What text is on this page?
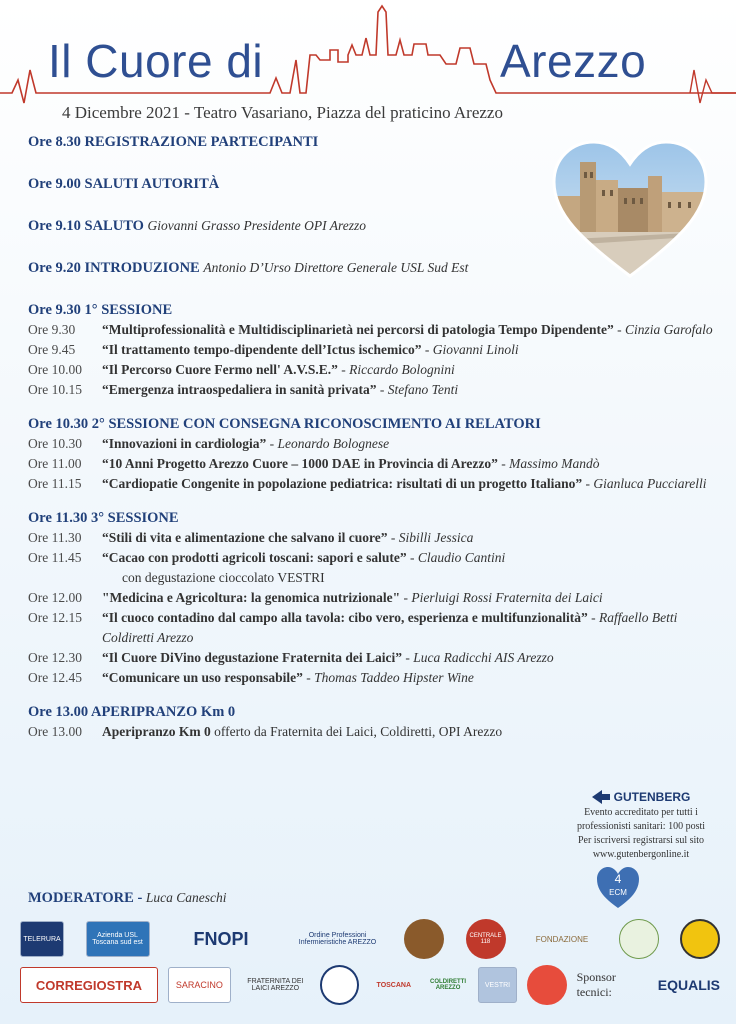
Il Cuore di	Arezzo
4 Dicembre 2021 - Teatro Vasariano, Piazza del praticino Arezzo
Ore 8.30 REGISTRAZIONE PARTECIPANTI
Ore 9.00 SALUTI AUTORITÀ
Ore 9.10 SALUTO Giovanni Grasso Presidente OPI Arezzo
Ore 9.20 INTRODUZIONE Antonio D’Urso Direttore Generale USL Sud Est
Ore 9.30 1° SESSIONE
Ore 9.30	“Multiprofessionalità e Multidisciplinarietà nei percorsi di patologia Tempo Dipendente” - Cinzia Garofalo
Ore 9.45	“Il trattamento tempo-dipendente dell’Ictus ischemico” - Giovanni Linoli
Ore 10.00	“Il Percorso Cuore Fermo nell' A.V.S.E.” - Riccardo Bolognini
Ore 10.15	“Emergenza intraospedaliera in sanità privata” - Stefano Tenti
Ore 10.30 2° SESSIONE CON CONSEGNA RICONOSCIMENTO AI RELATORI
Ore 10.30	“Innovazioni in cardiologia” - Leonardo Bolognese
Ore 11.00	“10 Anni Progetto Arezzo Cuore – 1000 DAE in Provincia di Arezzo” - Massimo Mandò
Ore 11.15	“Cardiopatie Congenite in popolazione pediatrica: risultati di un progetto Italiano” - Gianluca Pucciarelli
Ore 11.30 3° SESSIONE
Ore 11.30	“Stili di vita e alimentazione che salvano il cuore” - Sibilli Jessica
Ore 11.45	“Cacao con prodotti agricoli toscani: sapori e salute” - Claudio Cantini
con degustazione cioccolato VESTRI
Ore 12.00	"Medicina e Agricoltura: la genomica nutrizionale" - Pierluigi Rossi Fraternita dei Laici
Ore 12.15	“Il cuoco contadino dal campo alla tavola: cibo vero, esperienza e multifunzionalità” - Raffaello Betti Coldiretti Arezzo
Ore 12.30	“Il Cuore DiVino degustazione Fraternita dei Laici” - Luca Radicchi AIS Arezzo
Ore 12.45	“Comunicare un uso responsabile” - Thomas Taddeo Hipster Wine
Ore 13.00 APERIPRANZO Km 0
Ore 13.00	Aperipranzo Km 0 offerto da Fraternita dei Laici, Coldiretti, OPI Arezzo
GUTENBERG
Evento accreditato per tutti i
professionisti sanitari: 100 posti
Per iscriversi registrarsi sul sito
www.gutenbergonline.it
4
ECM
MODERATORE - Luca Caneschi
TELERURA	Azienda USL Toscana sud est	FNOPI	Ordine Professioni Infermieristiche AREZZO
CENTRALE 118	FONDAZIONE
CORREGIOSTRA	SARACINO	FRATERNITA DEI LAICI AREZZO	TOSCANA	COLDIRETTI AREZZO	VESTRI
Sponsor tecnici:	EQUALIS
